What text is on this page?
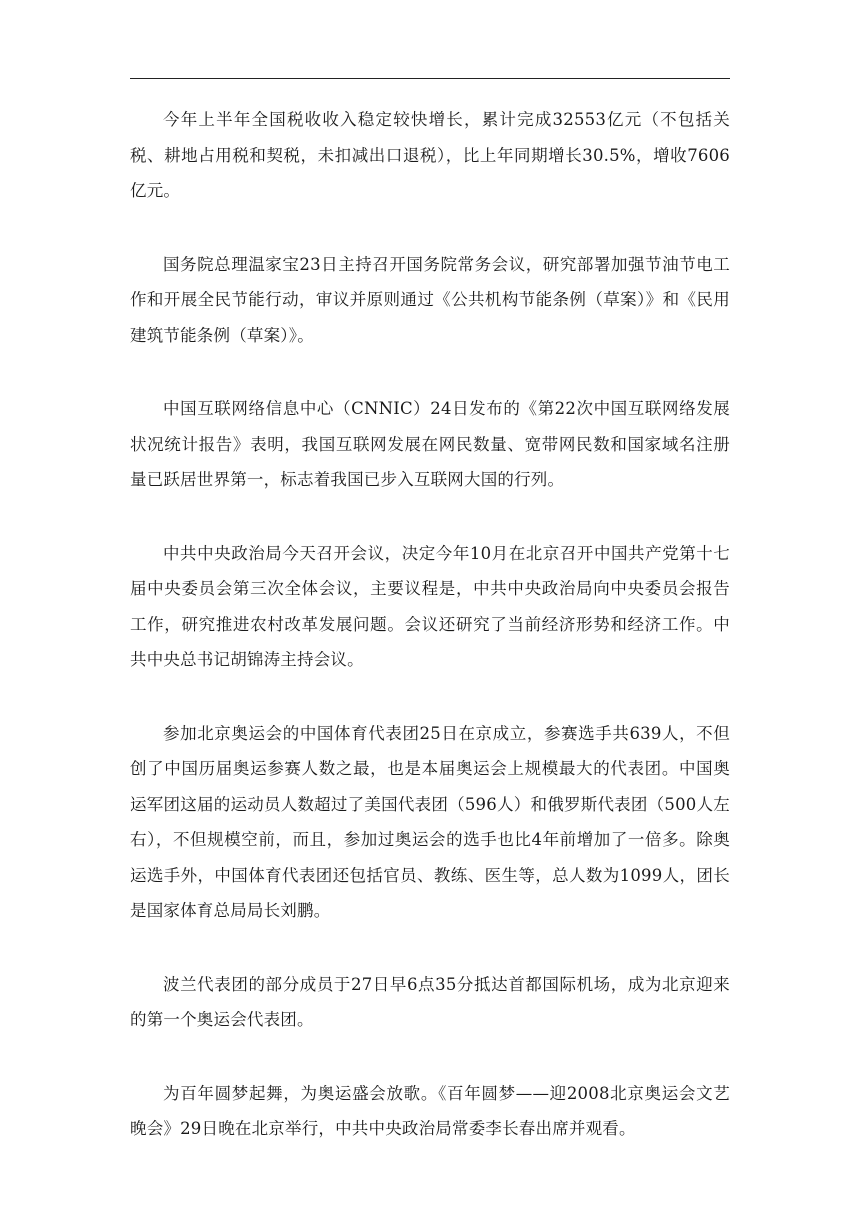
今年上半年全国税收收入稳定较快增长，累计完成32553亿元（不包括关税、耕地占用税和契税，未扣减出口退税），比上年同期增长30.5%，增收7606亿元。

国务院总理温家宝23日主持召开国务院常务会议，研究部署加强节油节电工作和开展全民节能行动，审议并原则通过《公共机构节能条例（草案）》和《民用建筑节能条例（草案）》。

中国互联网络信息中心（CNNIC）24日发布的《第22次中国互联网络发展状况统计报告》表明，我国互联网发展在网民数量、宽带网民数和国家域名注册量已跃居世界第一，标志着我国已步入互联网大国的行列。

中共中央政治局今天召开会议，决定今年10月在北京召开中国共产党第十七届中央委员会第三次全体会议，主要议程是，中共中央政治局向中央委员会报告工作，研究推进农村改革发展问题。会议还研究了当前经济形势和经济工作。中共中央总书记胡锦涛主持会议。

参加北京奥运会的中国体育代表团25日在京成立，参赛选手共639人，不但创了中国历届奥运参赛人数之最，也是本届奥运会上规模最大的代表团。中国奥运军团这届的运动员人数超过了美国代表团（596人）和俄罗斯代表团（500人左右），不但规模空前，而且，参加过奥运会的选手也比4年前增加了一倍多。除奥运选手外，中国体育代表团还包括官员、教练、医生等，总人数为1099人，团长是国家体育总局局长刘鹏。

波兰代表团的部分成员于27日早6点35分抵达首都国际机场，成为北京迎来的第一个奥运会代表团。

为百年圆梦起舞，为奥运盛会放歌。《百年圆梦——迎2008北京奥运会文艺晚会》29日晚在北京举行，中共中央政治局常委李长春出席并观看。
